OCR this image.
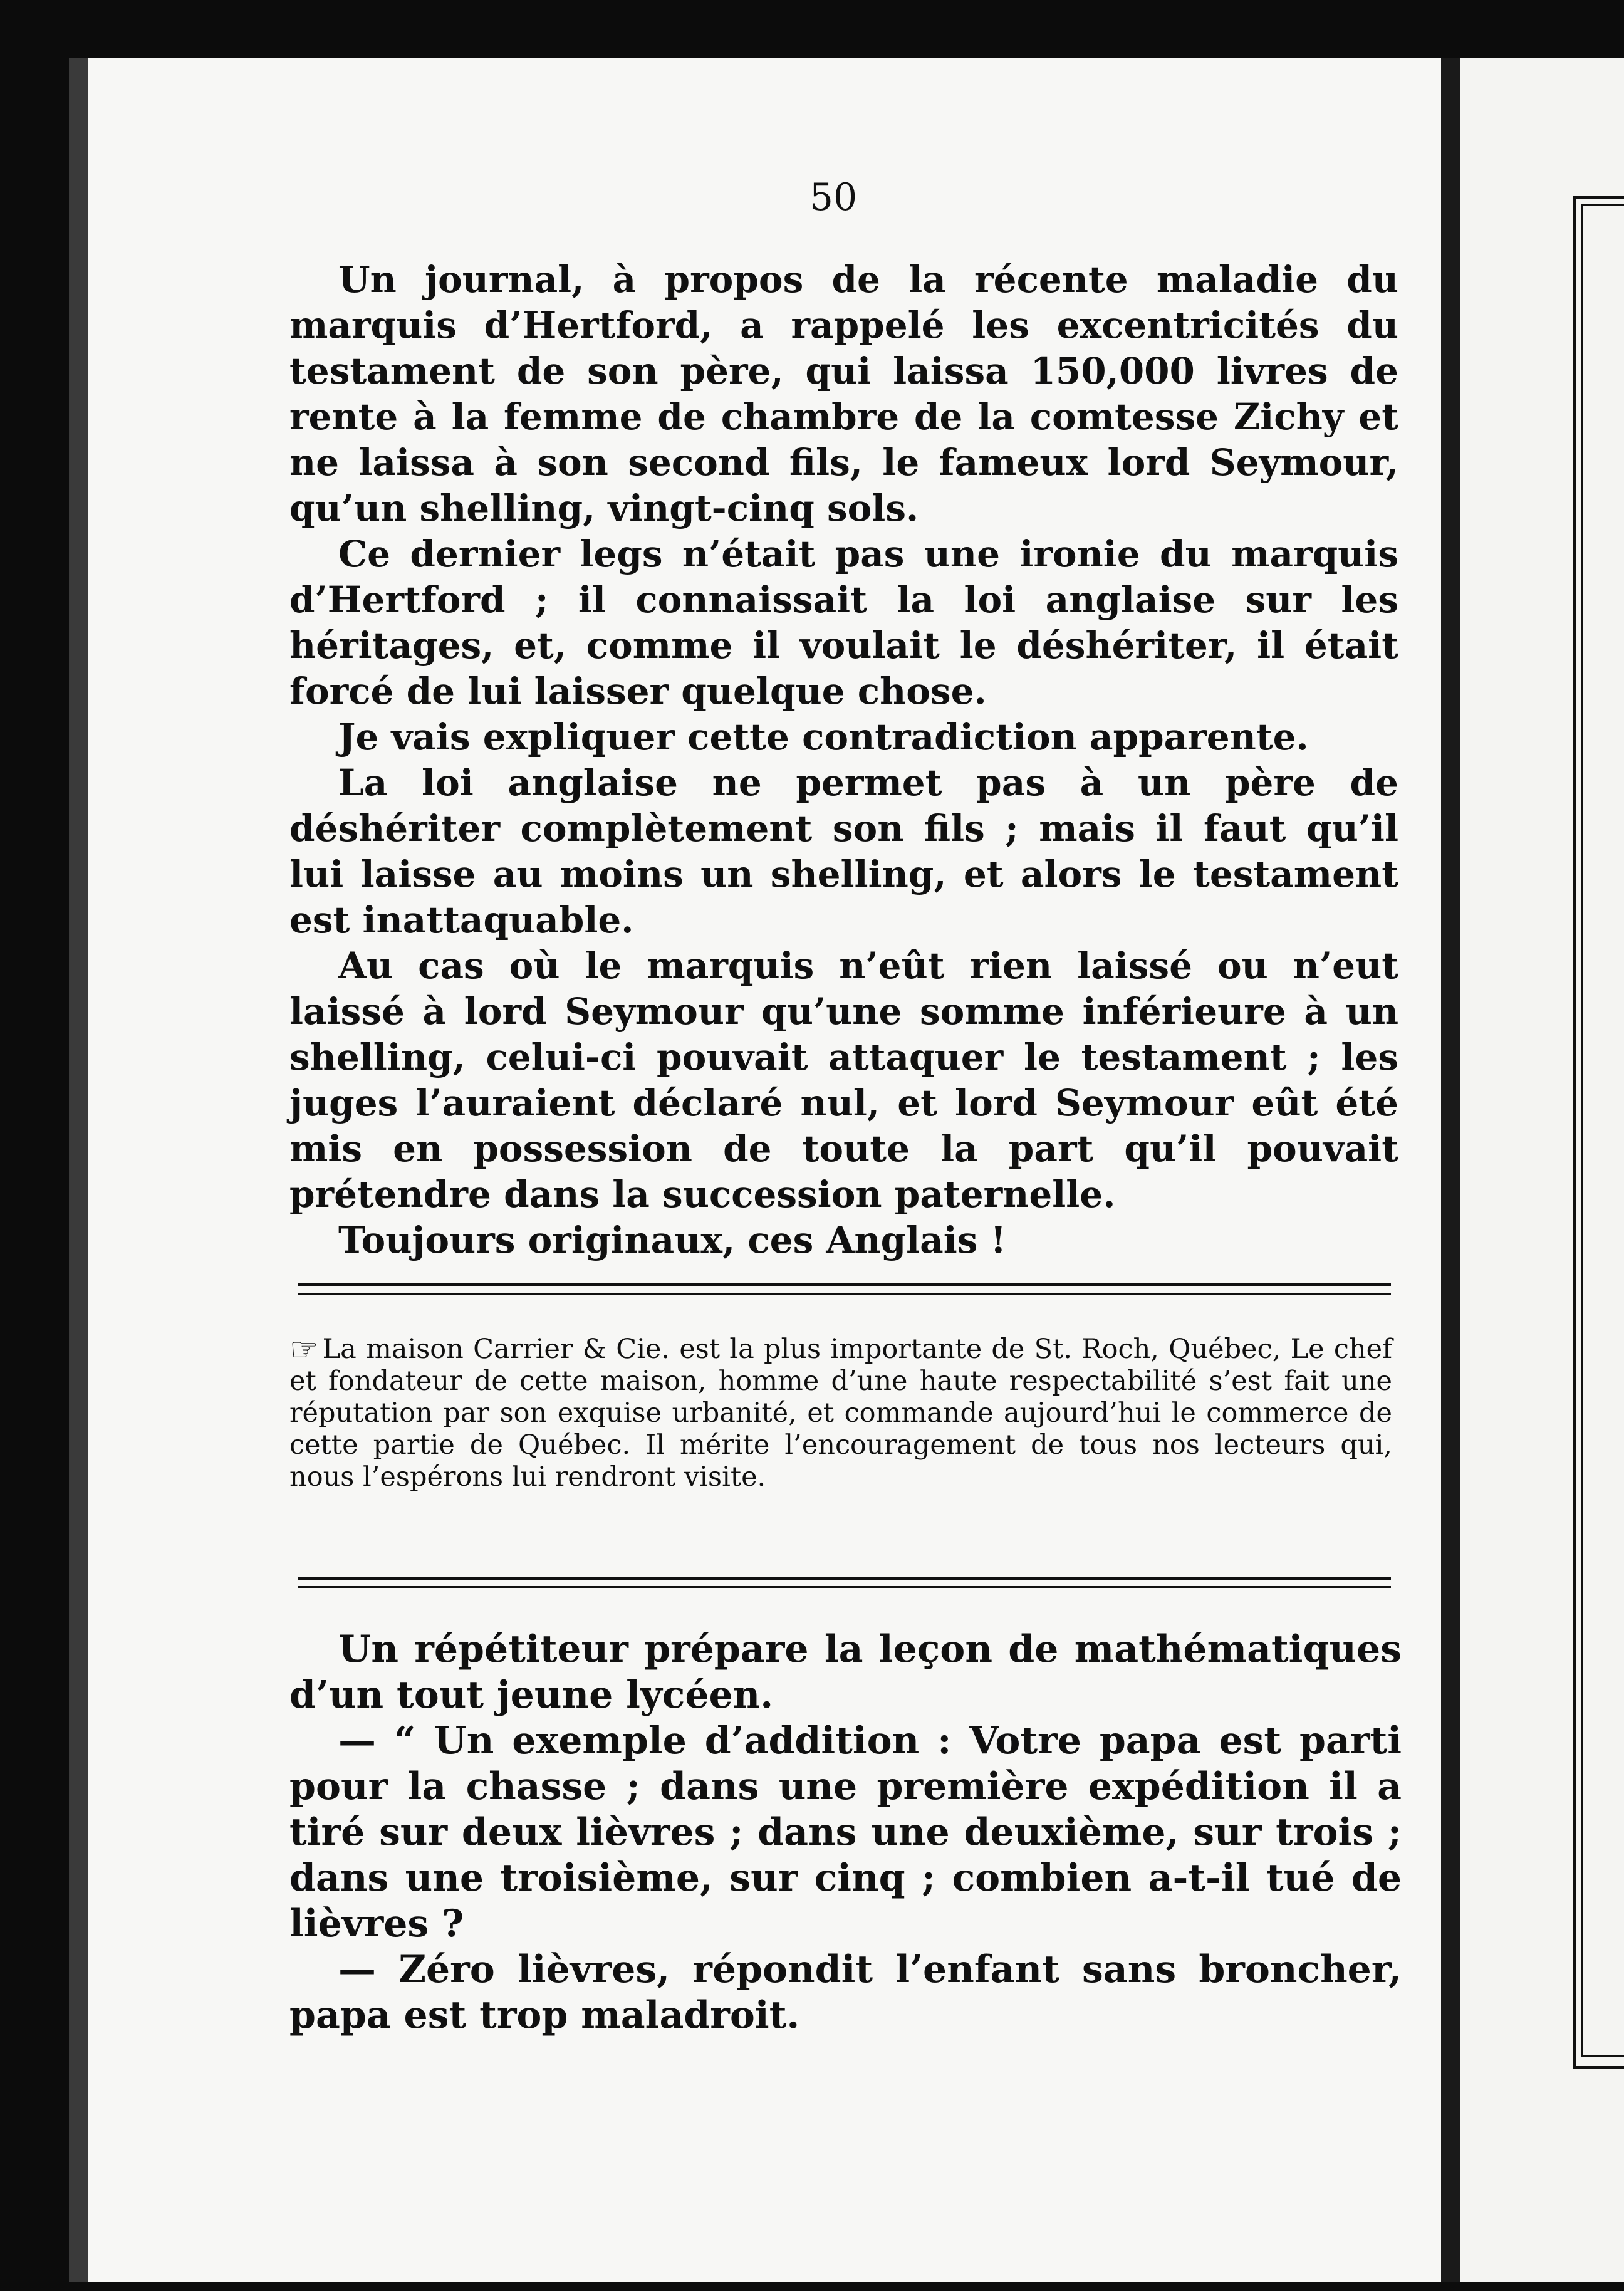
50

Un journal, à propos de la récente maladie du marquis d’Hertford, a rappelé les excentricités du testament de son père, qui laissa 150,000 livres de rente à la femme de chambre de la comtesse Zichy et ne laissa à son second fils, le fameux lord Seymour, qu’un shelling, vingt-cinq sols.

Ce dernier legs n’était pas une ironie du marquis d’Hertford ; il connaissait la loi anglaise sur les héritages, et, comme il voulait le déshériter, il était forcé de lui laisser quelque chose.

Je vais expliquer cette contradiction apparente.

La loi anglaise ne permet pas à un père de déshériter complètement son fils ; mais il faut qu’il lui laisse au moins un shelling, et alors le testament est inattaquable.

Au cas où le marquis n’eût rien laissé ou n’eut laissé à lord Seymour qu’une somme inférieure à un shelling, celui-ci pouvait attaquer le testament ; les juges l’auraient déclaré nul, et lord Seymour eût été mis en possession de toute la part qu’il pouvait prétendre dans la succession paternelle.

Toujours originaux, ces Anglais !

☞ La maison Carrier & Cie. est la plus importante de St. Roch, Québec, Le chef et fondateur de cette maison, homme d’une haute respectabilité s’est fait une réputation par son exquise urbanité, et commande aujourd’hui le commerce de cette partie de Québec. Il mérite l’encouragement de tous nos lecteurs qui, nous l’espérons lui rendront visite.

Un répétiteur prépare la leçon de mathématiques d’un tout jeune lycéen.

— “ Un exemple d’addition : Votre papa est parti pour la chasse ; dans une première expédition il a tiré sur deux lièvres ; dans une deuxième, sur trois ; dans une troisième, sur cinq ; combien a-t-il tué de lièvres ?

— Zéro lièvres, répondit l’enfant sans broncher, papa est trop maladroit.
